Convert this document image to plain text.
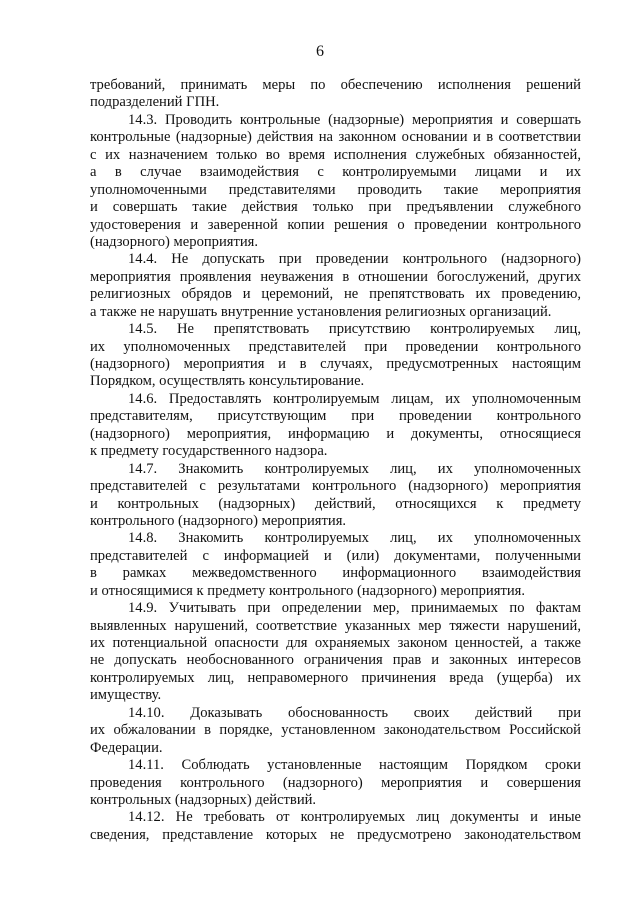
6
требований, принимать меры по обеспечению исполнения решений
подразделений ГПН.
14.3. Проводить контрольные (надзорные) мероприятия и совершать
контрольные (надзорные) действия на законном основании и в соответствии
с их назначением только во время исполнения служебных обязанностей,
а в случае взаимодействия с контролируемыми лицами и их
уполномоченными представителями проводить такие мероприятия
и совершать такие действия только при предъявлении служебного
удостоверения и заверенной копии решения о проведении контрольного
(надзорного) мероприятия.
14.4. Не допускать при проведении контрольного (надзорного)
мероприятия проявления неуважения в отношении богослужений, других
религиозных обрядов и церемоний, не препятствовать их проведению,
а также не нарушать внутренние установления религиозных организаций.
14.5. Не препятствовать присутствию контролируемых лиц,
их уполномоченных представителей при проведении контрольного
(надзорного) мероприятия и в случаях, предусмотренных настоящим
Порядком, осуществлять консультирование.
14.6. Предоставлять контролируемым лицам, их уполномоченным
представителям, присутствующим при проведении контрольного
(надзорного) мероприятия, информацию и документы, относящиеся
к предмету государственного надзора.
14.7. Знакомить контролируемых лиц, их уполномоченных
представителей с результатами контрольного (надзорного) мероприятия
и контрольных (надзорных) действий, относящихся к предмету
контрольного (надзорного) мероприятия.
14.8. Знакомить контролируемых лиц, их уполномоченных
представителей с информацией и (или) документами, полученными
в рамках межведомственного информационного взаимодействия
и относящимися к предмету контрольного (надзорного) мероприятия.
14.9. Учитывать при определении мер, принимаемых по фактам
выявленных нарушений, соответствие указанных мер тяжести нарушений,
их потенциальной опасности для охраняемых законом ценностей, а также
не допускать необоснованного ограничения прав и законных интересов
контролируемых лиц, неправомерного причинения вреда (ущерба) их
имуществу.
14.10. Доказывать обоснованность своих действий при
их обжаловании в порядке, установленном законодательством Российской
Федерации.
14.11. Соблюдать установленные настоящим Порядком сроки
проведения контрольного (надзорного) мероприятия и совершения
контрольных (надзорных) действий.
14.12. Не требовать от контролируемых лиц документы и иные
сведения, представление которых не предусмотрено законодательством
